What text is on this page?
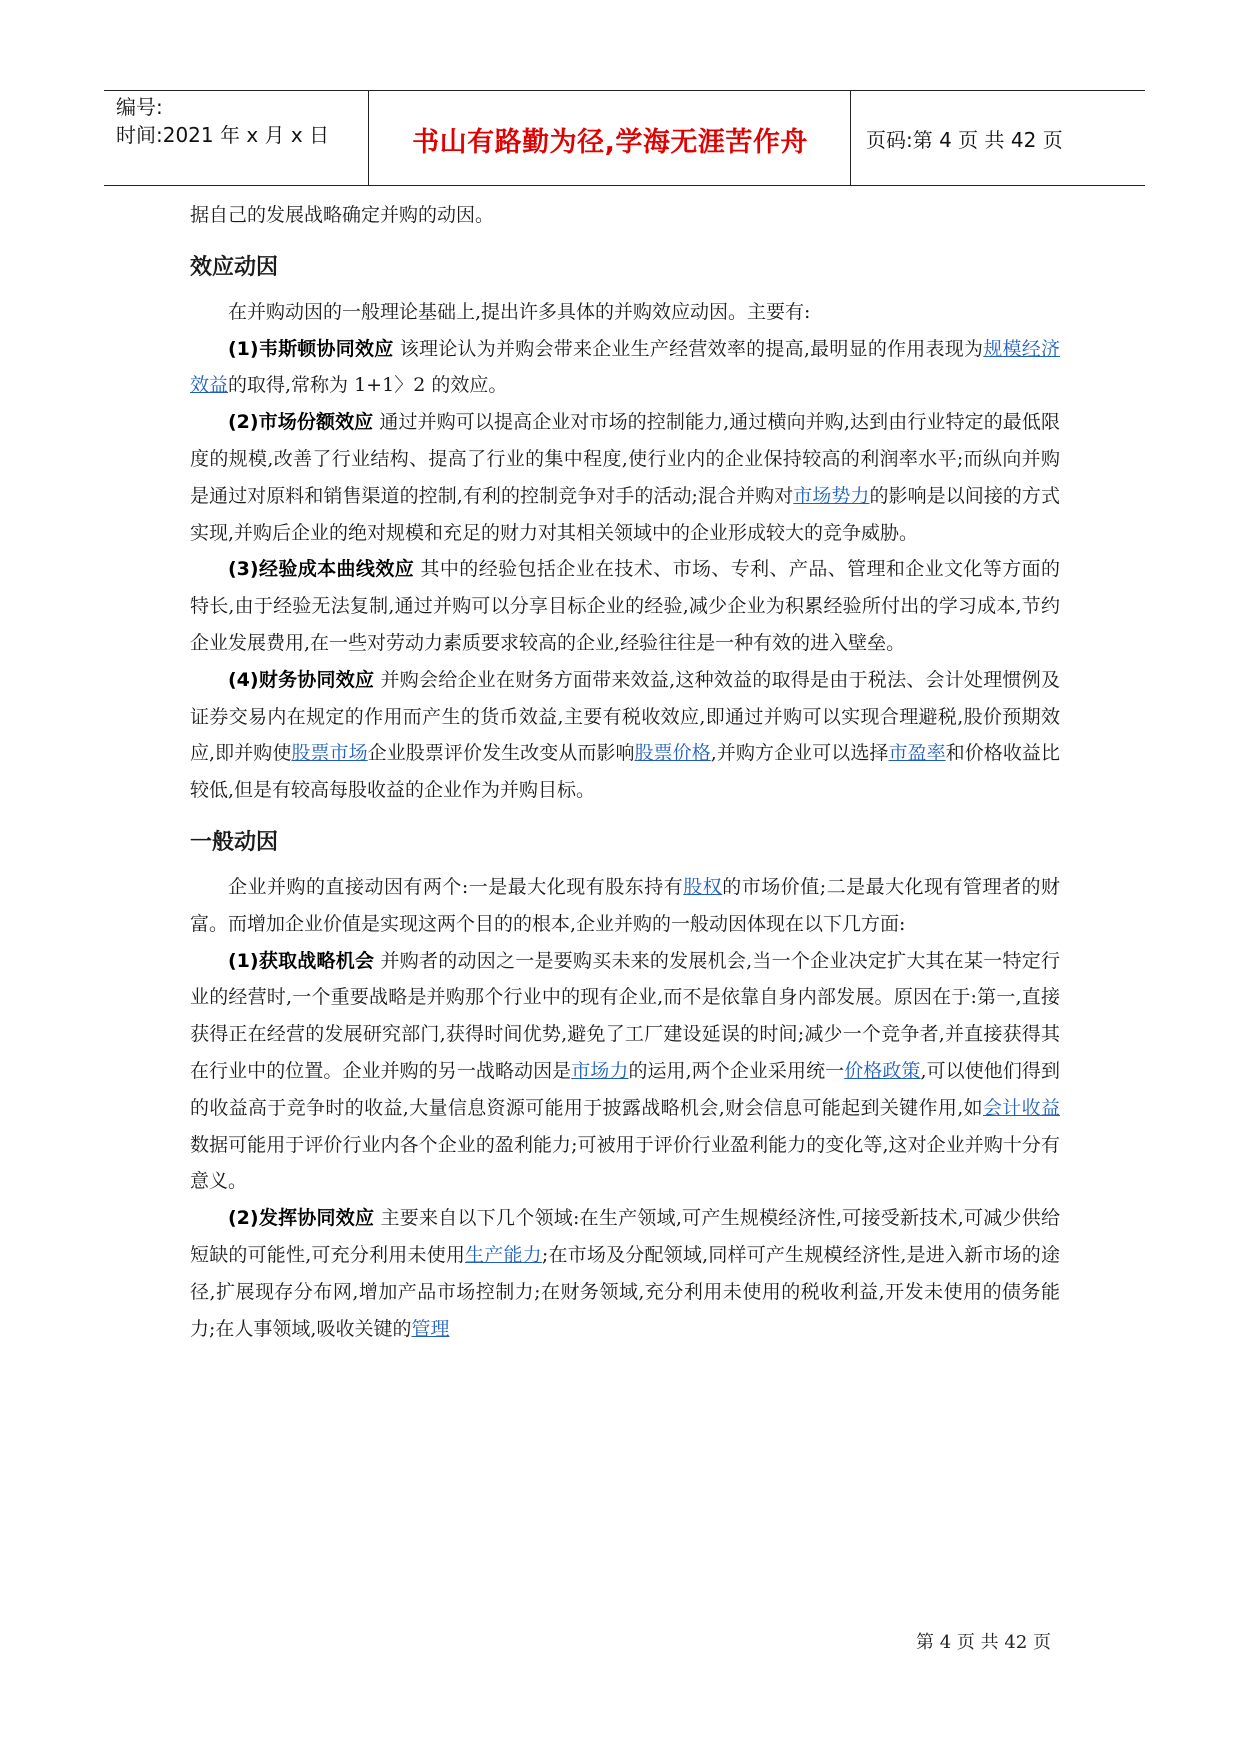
编号:
时间:2021 年 x 月 x 日	书山有路勤为径,学海无涯苦作舟	页码:第 4 页 共 42 页

据自己的发展战略确定并购的动因。

效应动因

在并购动因的一般理论基础上,提出许多具体的并购效应动因。主要有:

(1)韦斯顿协同效应 该理论认为并购会带来企业生产经营效率的提高,最明显的作用表现为规模经济效益的取得,常称为 1+1〉2 的效应。

(2)市场份额效应 通过并购可以提高企业对市场的控制能力,通过横向并购,达到由行业特定的最低限度的规模,改善了行业结构、提高了行业的集中程度,使行业内的企业保持较高的利润率水平;而纵向并购是通过对原料和销售渠道的控制,有利的控制竞争对手的活动;混合并购对市场势力的影响是以间接的方式实现,并购后企业的绝对规模和充足的财力对其相关领域中的企业形成较大的竞争威胁。

(3)经验成本曲线效应 其中的经验包括企业在技术、市场、专利、产品、管理和企业文化等方面的特长,由于经验无法复制,通过并购可以分享目标企业的经验,减少企业为积累经验所付出的学习成本,节约企业发展费用,在一些对劳动力素质要求较高的企业,经验往往是一种有效的进入壁垒。

(4)财务协同效应 并购会给企业在财务方面带来效益,这种效益的取得是由于税法、会计处理惯例及证券交易内在规定的作用而产生的货币效益,主要有税收效应,即通过并购可以实现合理避税,股价预期效应,即并购使股票市场企业股票评价发生改变从而影响股票价格,并购方企业可以选择市盈率和价格收益比较低,但是有较高每股收益的企业作为并购目标。

一般动因

企业并购的直接动因有两个:一是最大化现有股东持有股权的市场价值;二是最大化现有管理者的财富。而增加企业价值是实现这两个目的的根本,企业并购的一般动因体现在以下几方面:

(1)获取战略机会 并购者的动因之一是要购买未来的发展机会,当一个企业决定扩大其在某一特定行业的经营时,一个重要战略是并购那个行业中的现有企业,而不是依靠自身内部发展。原因在于:第一,直接获得正在经营的发展研究部门,获得时间优势,避免了工厂建设延误的时间;减少一个竞争者,并直接获得其在行业中的位置。企业并购的另一战略动因是市场力的运用,两个企业采用统一价格政策,可以使他们得到的收益高于竞争时的收益,大量信息资源可能用于披露战略机会,财会信息可能起到关键作用,如会计收益数据可能用于评价行业内各个企业的盈利能力;可被用于评价行业盈利能力的变化等,这对企业并购十分有意义。

(2)发挥协同效应 主要来自以下几个领域:在生产领域,可产生规模经济性,可接受新技术,可减少供给短缺的可能性,可充分利用未使用生产能力;在市场及分配领域,同样可产生规模经济性,是进入新市场的途径,扩展现存分布网,增加产品市场控制力;在财务领域,充分利用未使用的税收利益,开发未使用的债务能力;在人事领域,吸收关键的管理

第 4 页 共 42 页
